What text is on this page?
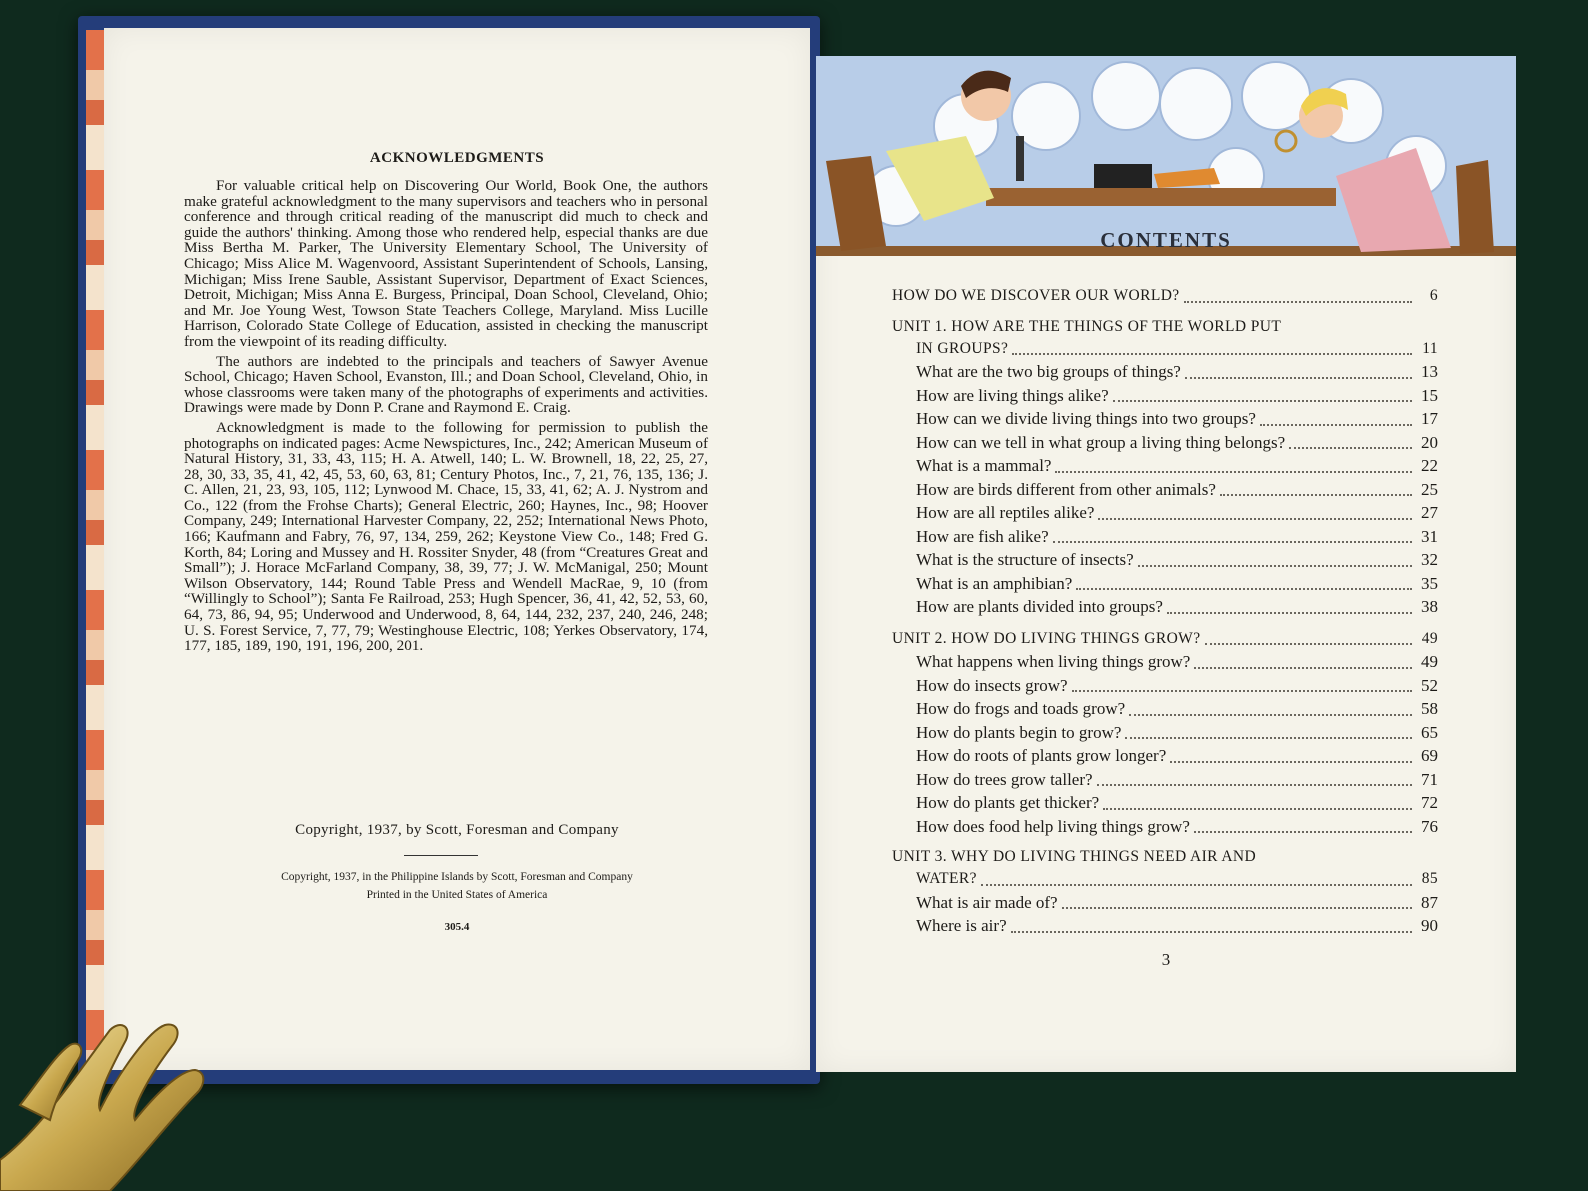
ACKNOWLEDGMENTS

For valuable critical help on Discovering Our World, Book One, the authors make grateful acknowledgment to the many supervisors and teachers who in personal conference and through critical reading of the manuscript did much to check and guide the authors' thinking. Among those who rendered help, especial thanks are due Miss Bertha M. Parker, The University Elementary School, The University of Chicago; Miss Alice M. Wagenvoord, Assistant Superintendent of Schools, Lansing, Michigan; Miss Irene Sauble, Assistant Supervisor, Department of Exact Sciences, Detroit, Michigan; Miss Anna E. Burgess, Principal, Doan School, Cleveland, Ohio; and Mr. Joe Young West, Towson State Teachers College, Maryland. Miss Lucille Harrison, Colorado State College of Education, assisted in checking the manuscript from the viewpoint of its reading difficulty.

The authors are indebted to the principals and teachers of Sawyer Avenue School, Chicago; Haven School, Evanston, Ill.; and Doan School, Cleveland, Ohio, in whose classrooms were taken many of the photographs of experiments and activities. Drawings were made by Donn P. Crane and Raymond E. Craig.

Acknowledgment is made to the following for permission to publish the photographs on indicated pages: Acme Newspictures, Inc., 242; American Museum of Natural History, 31, 33, 43, 115; H. A. Atwell, 140; L. W. Brownell, 18, 22, 25, 27, 28, 30, 33, 35, 41, 42, 45, 53, 60, 63, 81; Century Photos, Inc., 7, 21, 76, 135, 136; J. C. Allen, 21, 23, 93, 105, 112; Lynwood M. Chace, 15, 33, 41, 62; A. J. Nystrom and Co., 122 (from the Frohse Charts); General Electric, 260; Haynes, Inc., 98; Hoover Company, 249; International Harvester Company, 22, 252; International News Photo, 166; Kaufmann and Fabry, 76, 97, 134, 259, 262; Keystone View Co., 148; Fred G. Korth, 84; Loring and Mussey and H. Rossiter Snyder, 48 (from “Creatures Great and Small”); J. Horace McFarland Company, 38, 39, 77; J. W. McManigal, 250; Mount Wilson Observatory, 144; Round Table Press and Wendell MacRae, 9, 10 (from “Willingly to School”); Santa Fe Railroad, 253; Hugh Spencer, 36, 41, 42, 52, 53, 60, 64, 73, 86, 94, 95; Underwood and Underwood, 8, 64, 144, 232, 237, 240, 246, 248; U. S. Forest Service, 7, 77, 79; Westinghouse Electric, 108; Yerkes Observatory, 174, 177, 185, 189, 190, 191, 196, 200, 201.

Copyright, 1937, by Scott, Foresman and Company
Copyright, 1937, in the Philippine Islands by Scott, Foresman and Company
Printed in the United States of America
305.4
CONTENTS
HOW DO WE DISCOVER OUR WORLD?	6
UNIT 1. HOW ARE THE THINGS OF THE WORLD PUT
IN GROUPS?	11
What are the two big groups of things?	13
How are living things alike?	15
How can we divide living things into two groups?	17
How can we tell in what group a living thing belongs?	20
What is a mammal?	22
How are birds different from other animals?	25
How are all reptiles alike?	27
How are fish alike?	31
What is the structure of insects?	32
What is an amphibian?	35
How are plants divided into groups?	38
UNIT 2. HOW DO LIVING THINGS GROW?	49
What happens when living things grow?	49
How do insects grow?	52
How do frogs and toads grow?	58
How do plants begin to grow?	65
How do roots of plants grow longer?	69
How do trees grow taller?	71
How do plants get thicker?	72
How does food help living things grow?	76
UNIT 3. WHY DO LIVING THINGS NEED AIR AND
WATER?	85
What is air made of?	87
Where is air?	90
3
